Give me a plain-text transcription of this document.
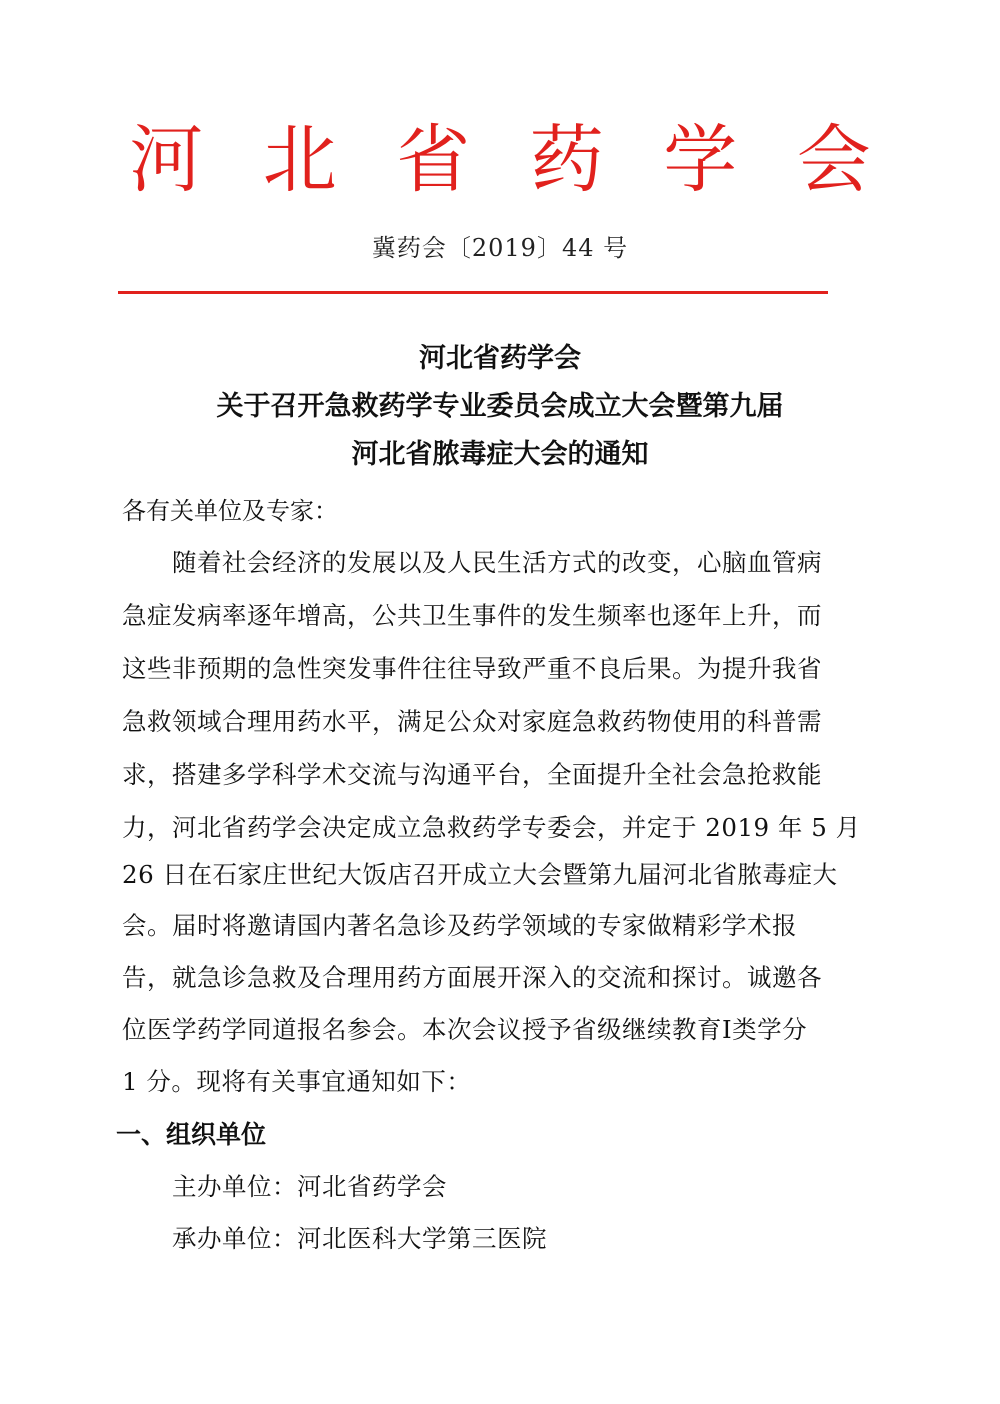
河 北 省 药 学 会
冀药会〔2019〕44 号
河北省药学会
关于召开急救药学专业委员会成立大会暨第九届
河北省脓毒症大会的通知
各有关单位及专家：
随着社会经济的发展以及人民生活方式的改变，心脑血管病
急症发病率逐年增高，公共卫生事件的发生频率也逐年上升，而
这些非预期的急性突发事件往往导致严重不良后果。为提升我省
急救领域合理用药水平，满足公众对家庭急救药物使用的科普需
求，搭建多学科学术交流与沟通平台，全面提升全社会急抢救能
力，河北省药学会决定成立急救药学专委会，并定于 2019 年 5 月
26 日在石家庄世纪大饭店召开成立大会暨第九届河北省脓毒症大
会。届时将邀请国内著名急诊及药学领域的专家做精彩学术报
告，就急诊急救及合理用药方面展开深入的交流和探讨。诚邀各
位医学药学同道报名参会。本次会议授予省级继续教育Ⅰ类学分
1 分。现将有关事宜通知如下：
一、组织单位
主办单位：河北省药学会
承办单位：河北医科大学第三医院
